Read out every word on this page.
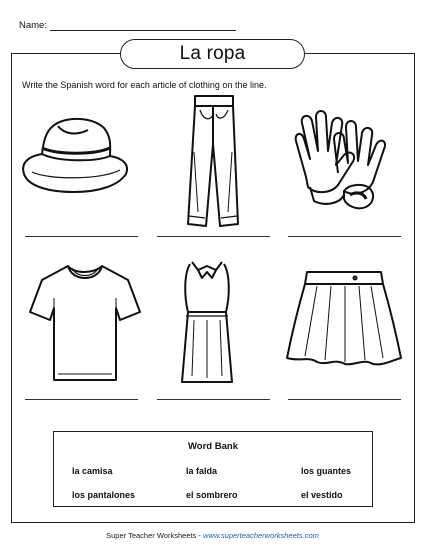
Name:
La ropa
Write the Spanish word for each article of clothing on the line.
Word Bank
la camisa	la falda	los guantes
los pantalones	el sombrero	el vestido
Super Teacher Worksheets - www.superteacherworksheets.com
